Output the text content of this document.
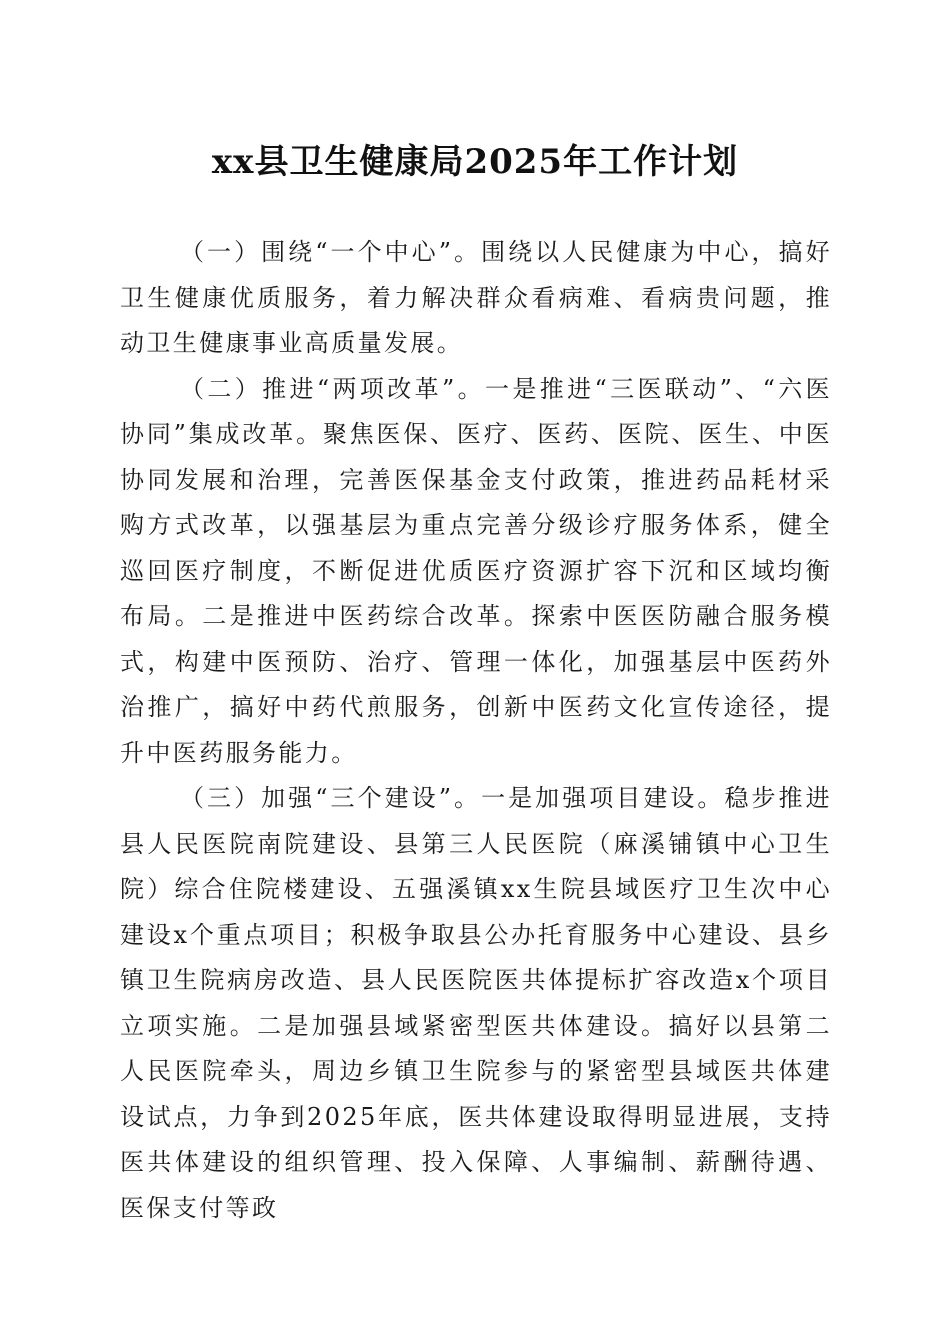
xx县卫生健康局2025年工作计划

（一）围绕“一个中心”。围绕以人民健康为中心，搞好卫生健康优质服务，着力解决群众看病难、看病贵问题，推动卫生健康事业高质量发展。

（二）推进“两项改革”。一是推进“三医联动”、“六医协同”集成改革。聚焦医保、医疗、医药、医院、医生、中医协同发展和治理，完善医保基金支付政策，推进药品耗材采购方式改革，以强基层为重点完善分级诊疗服务体系，健全巡回医疗制度，不断促进优质医疗资源扩容下沉和区域均衡布局。二是推进中医药综合改革。探索中医医防融合服务模式，构建中医预防、治疗、管理一体化，加强基层中医药外治推广，搞好中药代煎服务，创新中医药文化宣传途径，提升中医药服务能力。

（三）加强“三个建设”。一是加强项目建设。稳步推进县人民医院南院建设、县第三人民医院（麻溪铺镇中心卫生院）综合住院楼建设、五强溪镇xx生院县域医疗卫生次中心建设x个重点项目；积极争取县公办托育服务中心建设、县乡镇卫生院病房改造、县人民医院医共体提标扩容改造x个项目立项实施。二是加强县域紧密型医共体建设。搞好以县第二人民医院牵头，周边乡镇卫生院参与的紧密型县域医共体建设试点，力争到2025年底，医共体建设取得明显进展，支持医共体建设的组织管理、投入保障、人事编制、薪酬待遇、医保支付等政
